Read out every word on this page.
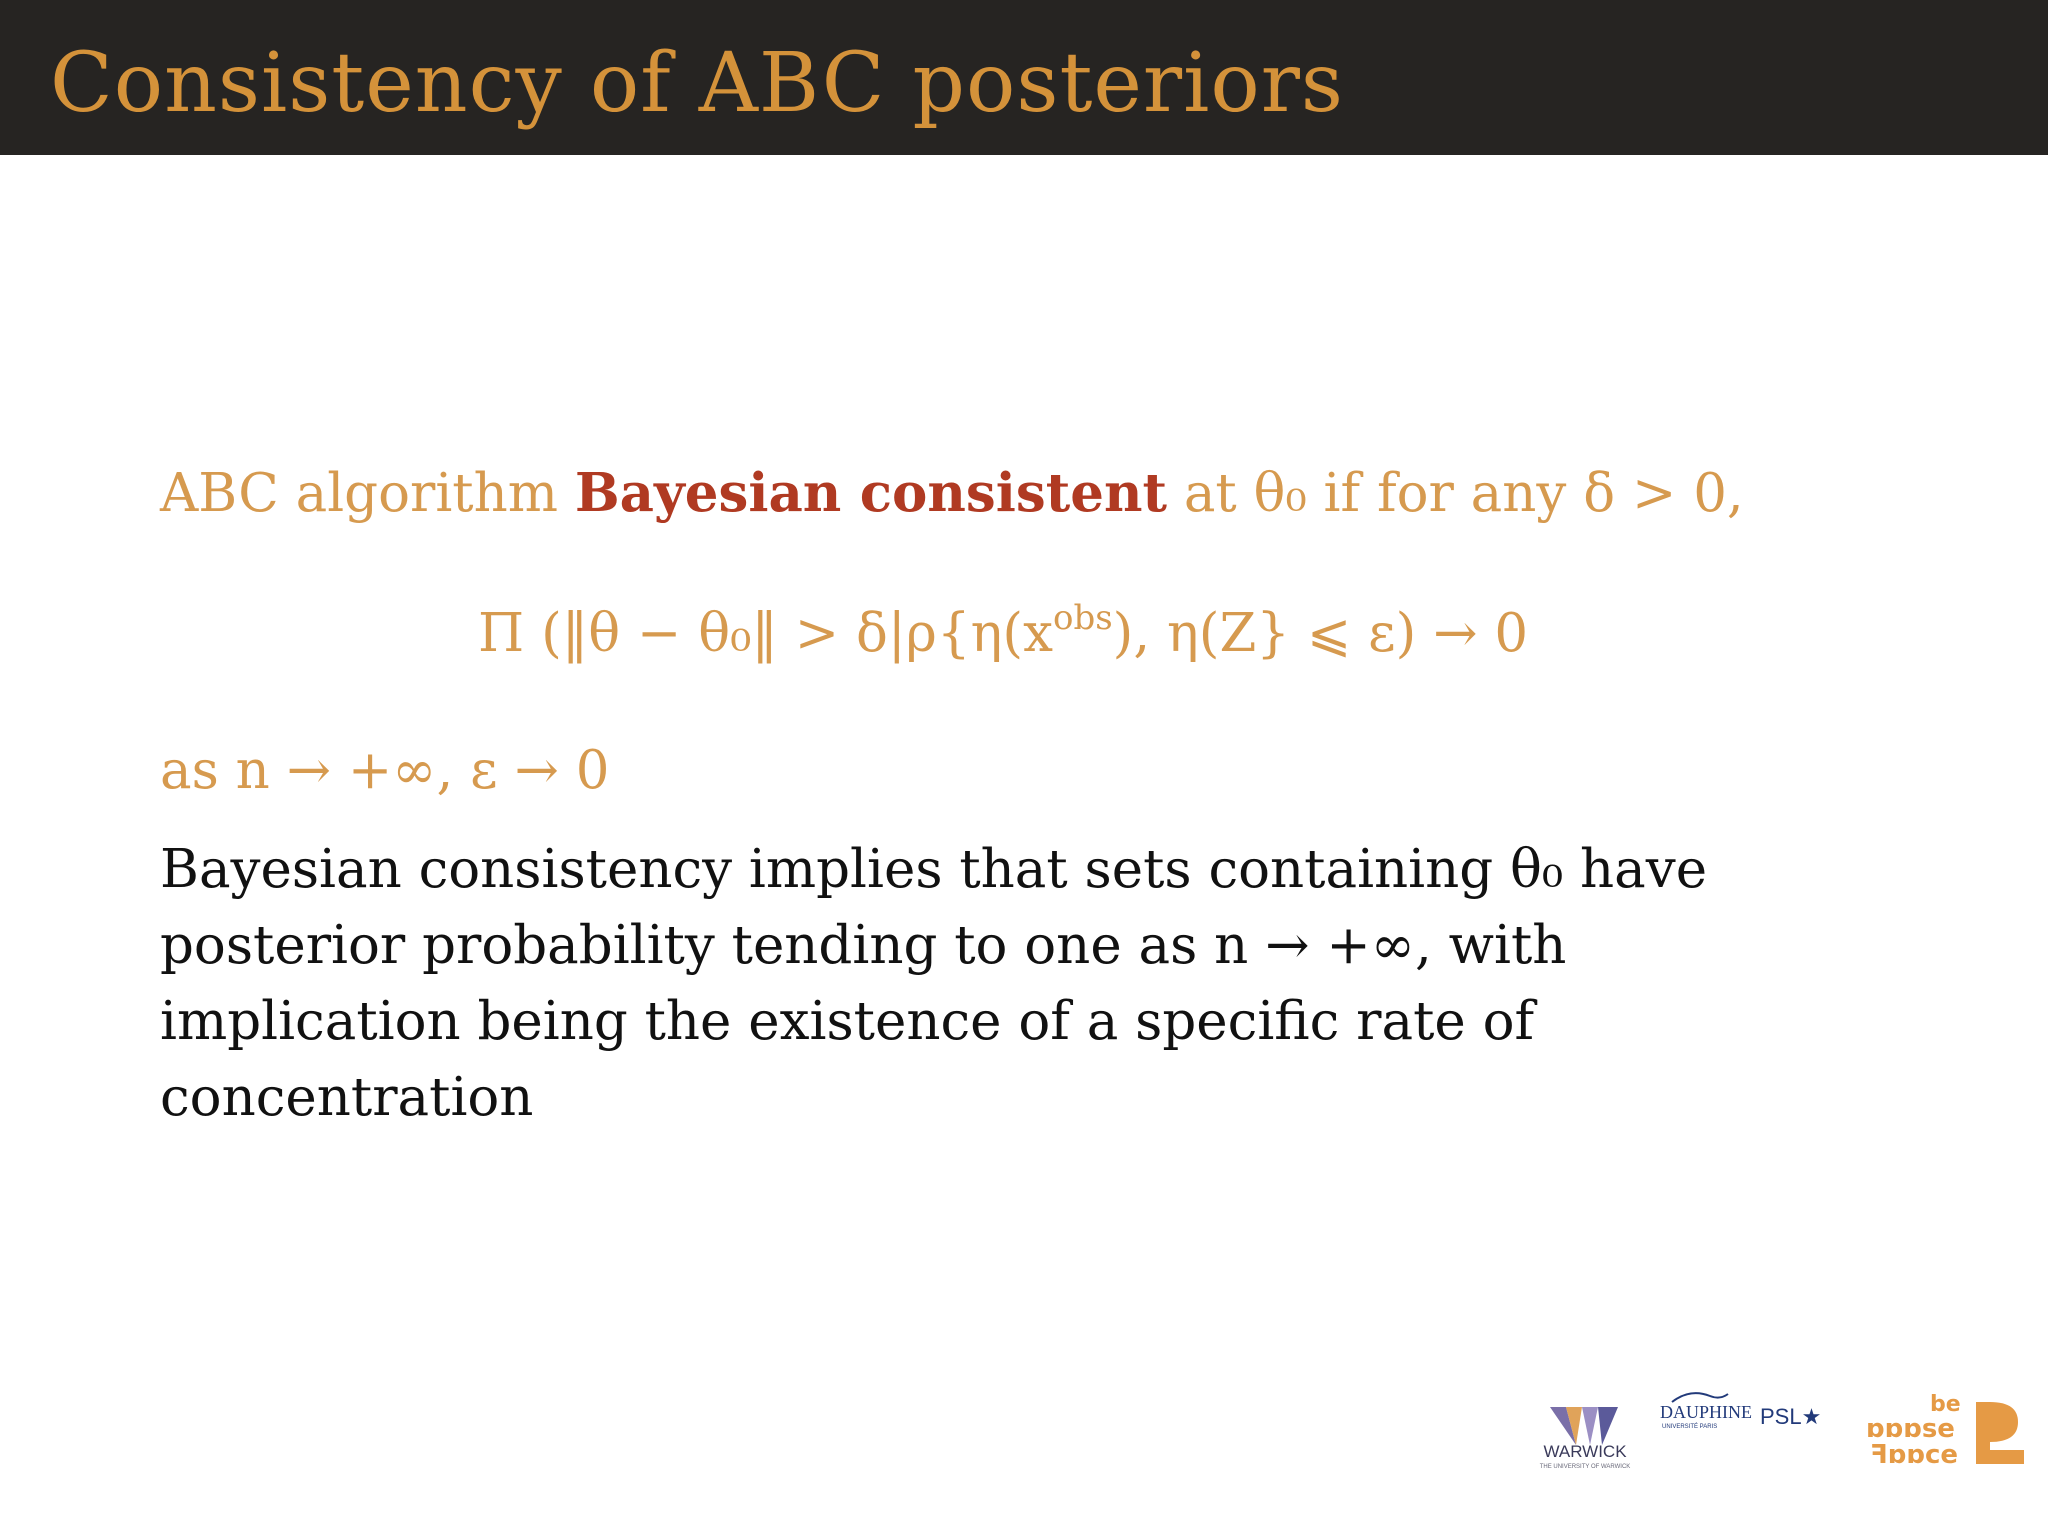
Consistency of ABC posteriors
ABC algorithm Bayesian consistent at θ₀ if for any δ > 0,
Π (‖θ − θ₀‖ > $\delta|\rho\{\eta(x^{obs})$, η(Z} ⩽ ε) → 0
as n → +∞, ε → 0
Bayesian consistency implies that sets containing θ₀ have posterior probability tending to one as n → +∞, with implication being the existence of a specific rate of concentration
WARWICK
THE UNIVERSITY OF WARWICK
DAUPHINE
UNIVERSITÉ PARIS PSL★	be
ɒɒɒse
ꟻɒɒce
